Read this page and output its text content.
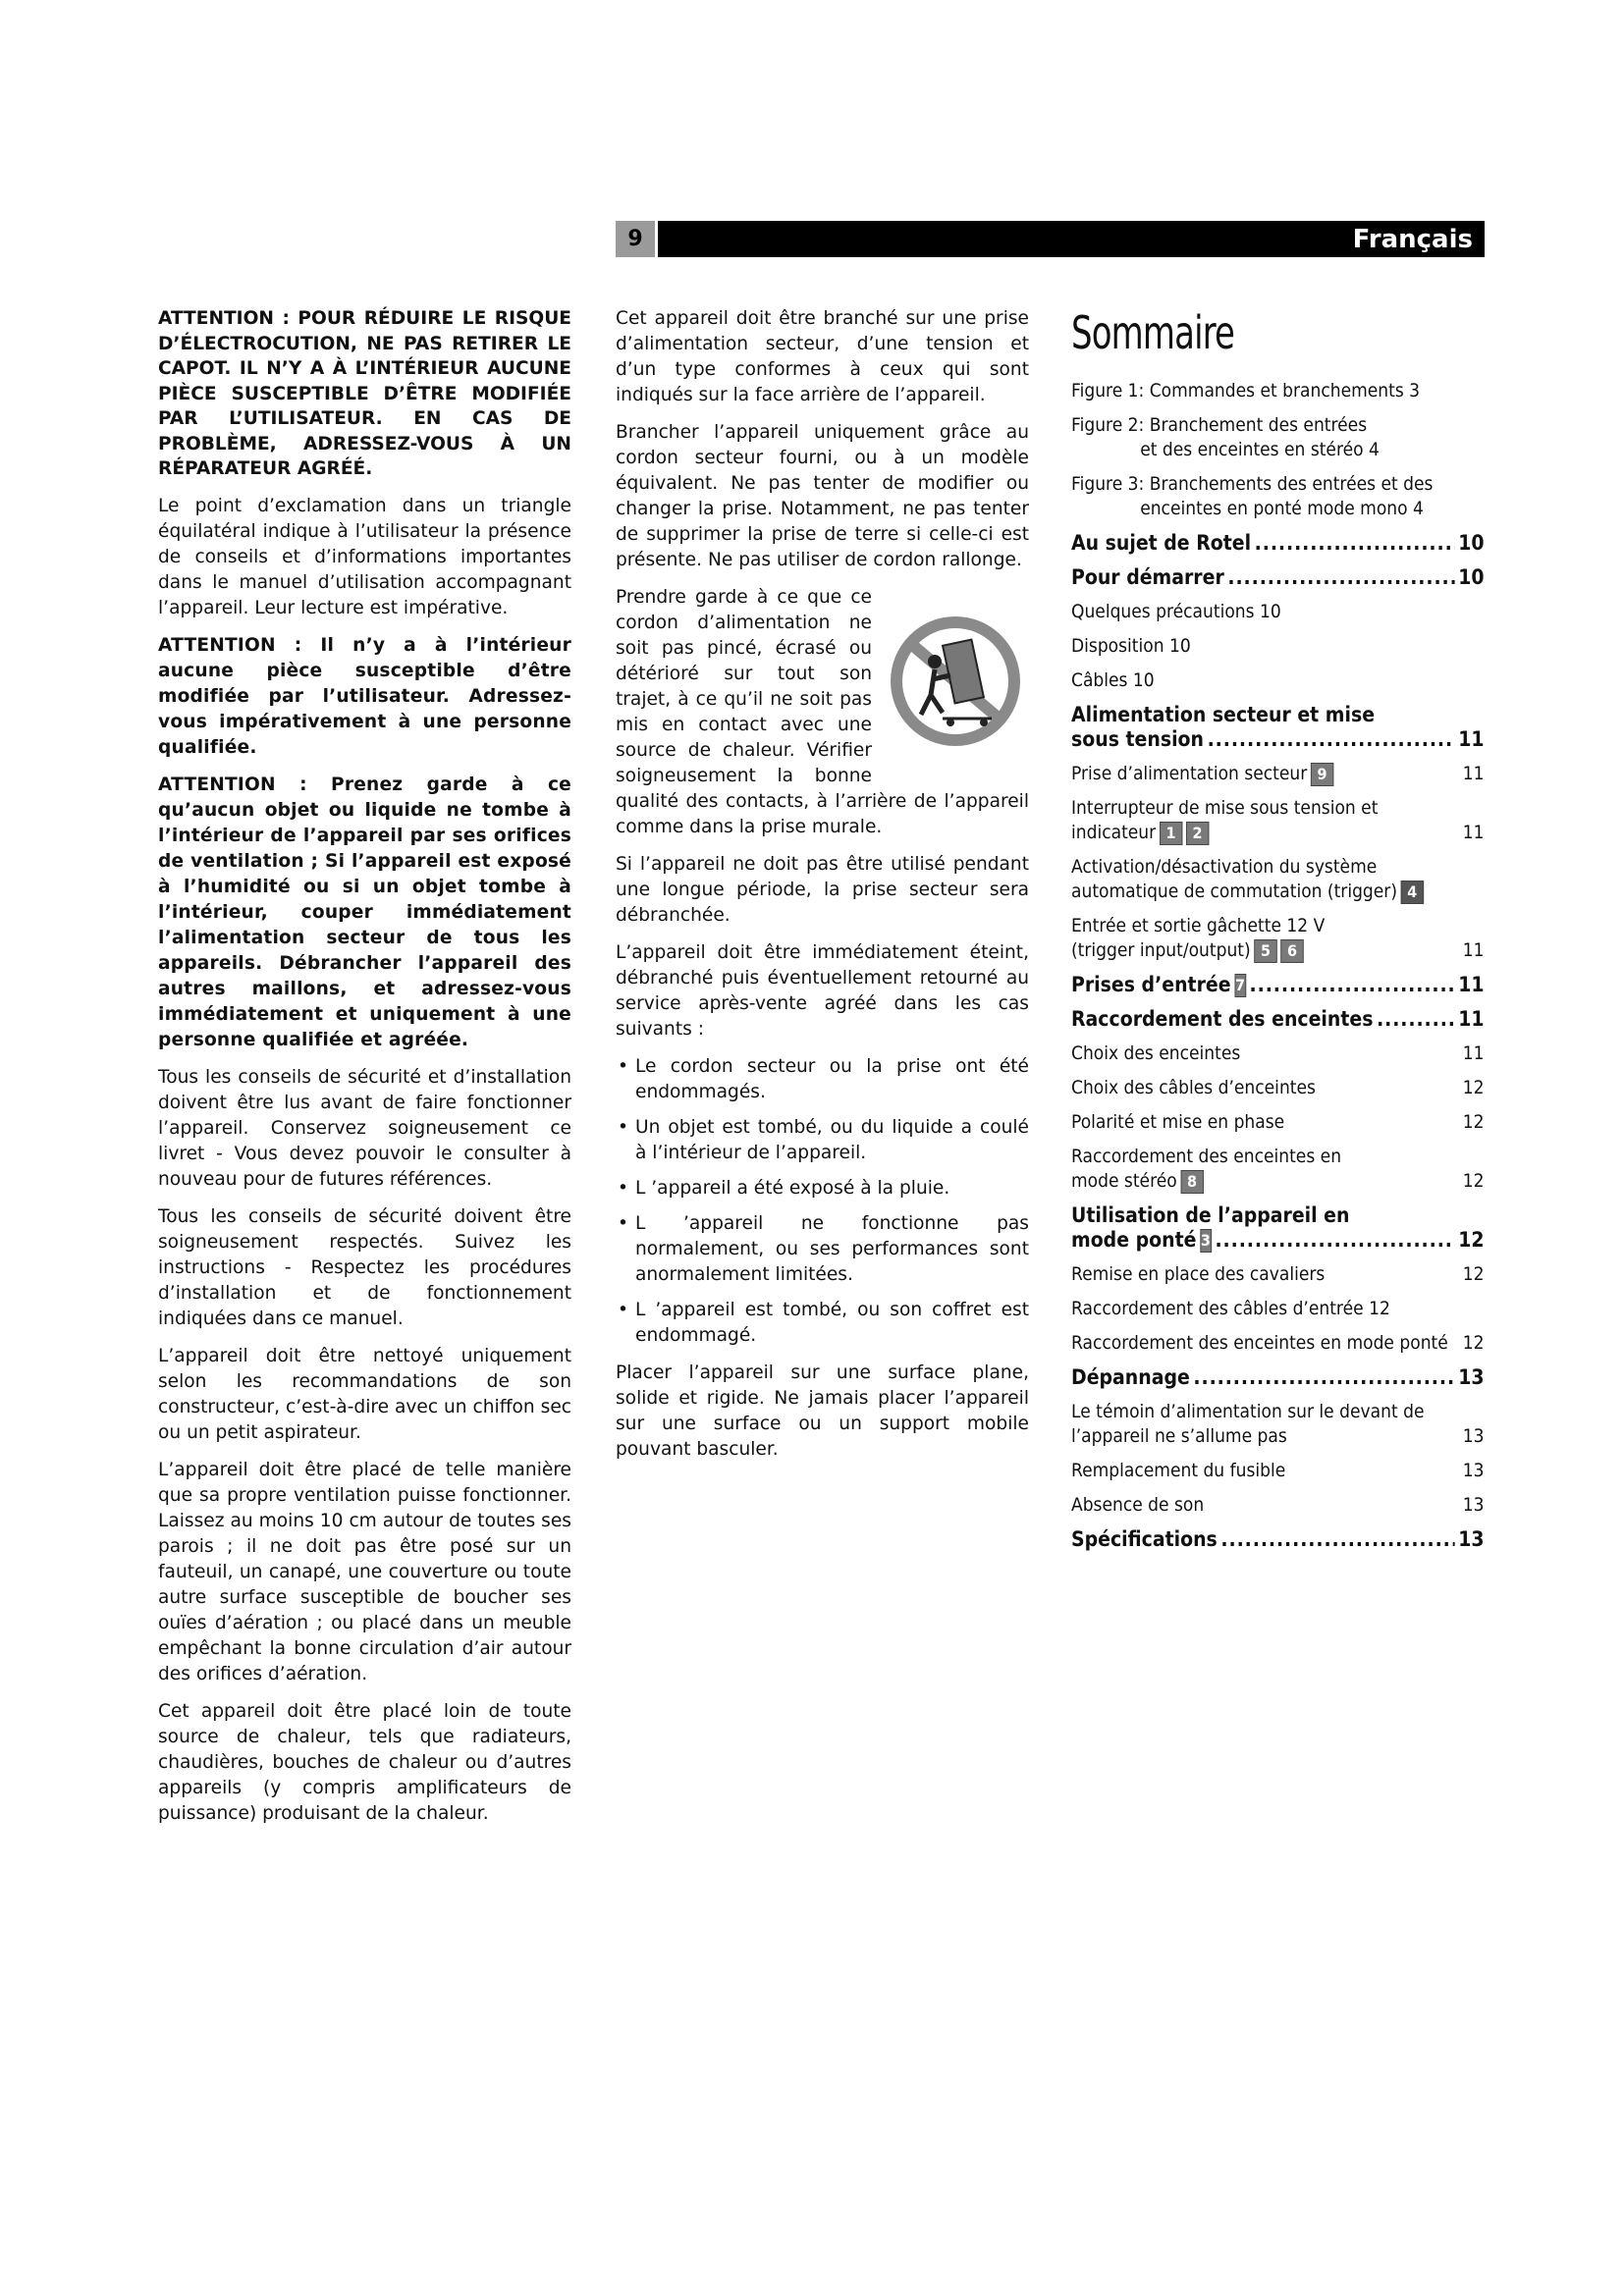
9	Français

ATTENTION : POUR RÉDUIRE LE RISQUE D’ÉLECTROCUTION, NE PAS RETIRER LE CAPOT. IL N’Y A À L’INTÉRIEUR AUCUNE PIÈCE SUSCEPTIBLE D’ÊTRE MODIFIÉE PAR L’UTILISATEUR. EN CAS DE PROBLÈME, ADRESSEZ-VOUS À UN RÉPARATEUR AGRÉÉ.

Le point d’exclamation dans un triangle équilatéral indique à l’utilisateur la présence de conseils et d’informations importantes dans le manuel d’utilisation accompagnant l’appareil. Leur lecture est impérative.

ATTENTION : Il n’y a à l’intérieur aucune pièce susceptible d’être modifiée par l’utilisateur. Adressez-vous impérativement à une personne qualifiée.

ATTENTION : Prenez garde à ce qu’aucun objet ou liquide ne tombe à l’intérieur de l’appareil par ses orifices de ventilation ; Si l’appareil est exposé à l’humidité ou si un objet tombe à l’intérieur, couper immédiatement l’alimentation secteur de tous les appareils. Débrancher l’appareil des autres maillons, et adressez-vous immédiatement et uniquement à une personne qualifiée et agréée.

Tous les conseils de sécurité et d’installation doivent être lus avant de faire fonctionner l’appareil. Conservez soigneusement ce livret - Vous devez pouvoir le consulter à nouveau pour de futures références.

Tous les conseils de sécurité doivent être soigneusement respectés. Suivez les instructions - Respectez les procédures d’installation et de fonctionnement indiquées dans ce manuel.

L’appareil doit être nettoyé uniquement selon les recommandations de son constructeur, c’est-à-dire avec un chiffon sec ou un petit aspirateur.

L’appareil doit être placé de telle manière que sa propre ventilation puisse fonctionner. Laissez au moins 10 cm autour de toutes ses parois ; il ne doit pas être posé sur un fauteuil, un canapé, une couverture ou toute autre surface susceptible de boucher ses ouïes d’aération ; ou placé dans un meuble empêchant la bonne circulation d’air autour des orifices d’aération.

Cet appareil doit être placé loin de toute source de chaleur, tels que radiateurs, chaudières, bouches de chaleur ou d’autres appareils (y compris amplificateurs de puissance) produisant de la chaleur.

Cet appareil doit être branché sur une prise d’alimentation secteur, d’une tension et d’un type conformes à ceux qui sont indiqués sur la face arrière de l’appareil.

Brancher l’appareil uniquement grâce au cordon secteur fourni, ou à un modèle équivalent. Ne pas tenter de modifier ou changer la prise. Notamment, ne pas tenter de supprimer la prise de terre si celle-ci est présente. Ne pas utiliser de cordon rallonge.

Prendre garde à ce que ce cordon d’alimentation ne soit pas pincé, écrasé ou détérioré sur tout son trajet, à ce qu’il ne soit pas mis en contact avec une source de chaleur. Vérifier soigneusement la bonne qualité des contacts, à l’arrière de l’appareil comme dans la prise murale.

Si l’appareil ne doit pas être utilisé pendant une longue période, la prise secteur sera débranchée.

L’appareil doit être immédiatement éteint, débranché puis éventuellement retourné au service après-vente agréé dans les cas suivants :

• Le cordon secteur ou la prise ont été endommagés.
• Un objet est tombé, ou du liquide a coulé à l’intérieur de l’appareil.
• L ’appareil a été exposé à la pluie.
• L ’appareil ne fonctionne pas normalement, ou ses performances sont anormalement limitées.
• L ’appareil est tombé, ou son coffret est endommagé.

Placer l’appareil sur une surface plane, solide et rigide. Ne jamais placer l’appareil sur une surface ou un support mobile pouvant basculer.

Sommaire
Figure 1: Commandes et branchements 3
Figure 2: Branchement des entrées
et des enceintes en stéréo 4
Figure 3: Branchements des entrées et des
enceintes en ponté mode mono 4
Au sujet de Rotel .....	10
Pour démarrer .....	10
Quelques précautions 10
Disposition 10
Câbles 10
Alimentation secteur et mise
sous tension .....	11
Prise d’alimentation secteur 9	11
Interrupteur de mise sous tension et
indicateur 1	2	11
Activation/désactivation du système
automatique de commutation (trigger) 4
Entrée et sortie gâchette 12 V
(trigger input/output) 5	6	11
Prises d’entrée 7 .....	11
Raccordement des enceintes .....	11
Choix des enceintes	11
Choix des câbles d’enceintes	12
Polarité et mise en phase	12
Raccordement des enceintes en
mode stéréo 8	12
Utilisation de l’appareil en
mode ponté 3 .....	12
Remise en place des cavaliers	12
Raccordement des câbles d’entrée 12
Raccordement des enceintes en mode ponté 12
Dépannage .....	13
Le témoin d’alimentation sur le devant de
l’appareil ne s’allume pas	13
Remplacement du fusible	13
Absence de son	13
Spécifications .....	13
